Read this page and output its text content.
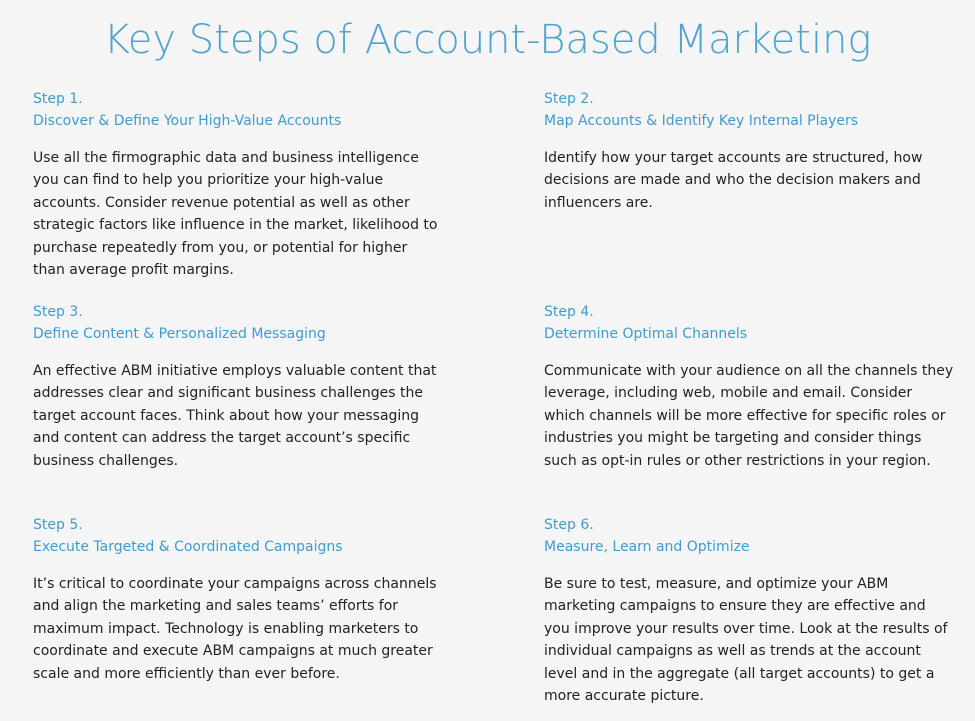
Key Steps of Account-Based Marketing

Step 1.

Discover & Define Your High-Value Accounts

Use all the firmographic data and business intelligence you can find to help you prioritize your high-value accounts. Consider revenue potential as well as other strategic factors like influence in the market, likelihood to purchase repeatedly from you, or potential for higher than average profit margins.

Step 2.

Map Accounts & Identify Key Internal Players

Identify how your target accounts are structured, how decisions are made and who the decision makers and influencers are.

Step 3.

Define Content & Personalized Messaging

An effective ABM initiative employs valuable content that addresses clear and significant business challenges the target account faces. Think about how your messaging and content can address the target account’s specific business challenges.

Step 4.

Determine Optimal Channels

Communicate with your audience on all the channels they leverage, including web, mobile and email. Consider which channels will be more effective for specific roles or industries you might be targeting and consider things such as opt-in rules or other restrictions in your region.

Step 5.

Execute Targeted & Coordinated Campaigns

It’s critical to coordinate your campaigns across channels and align the marketing and sales teams’ efforts for maximum impact. Technology is enabling marketers to coordinate and execute ABM campaigns at much greater scale and more efficiently than ever before.

Step 6.

Measure, Learn and Optimize

Be sure to test, measure, and optimize your ABM marketing campaigns to ensure they are effective and you improve your results over time. Look at the results of individual campaigns as well as trends at the account level and in the aggregate (all target accounts) to get a more accurate picture.
